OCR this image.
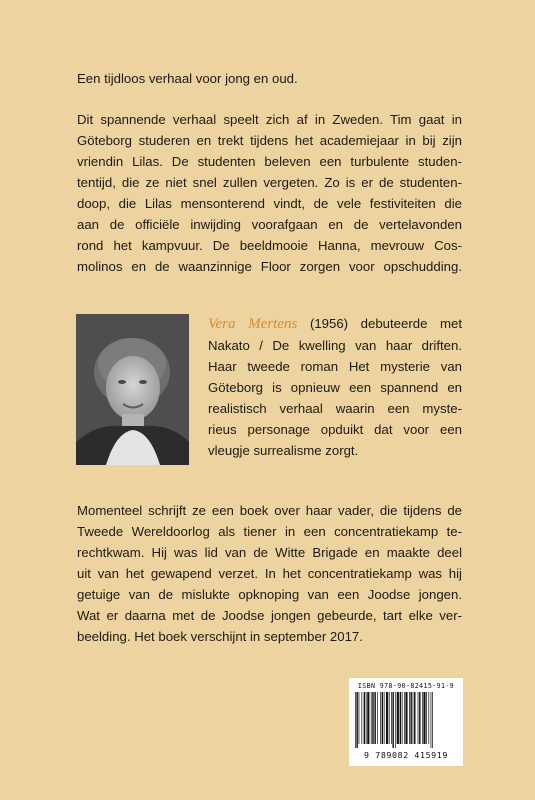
Een tijdloos verhaal voor jong en oud.

Dit spannende verhaal speelt zich af in Zweden. Tim gaat in
Göteborg studeren en trekt tijdens het academiejaar in bij zijn
vriendin Lilas. De studenten beleven een turbulente studen-
tentijd, die ze niet snel zullen vergeten. Zo is er de studenten-
doop, die Lilas mensonterend vindt, de vele festiviteiten die
aan de officiële inwijding voorafgaan en de vertelavonden
rond het kampvuur. De beeldmooie Hanna, mevrouw Cos-
molinos en de waanzinnige Floor zorgen voor opschudding.

Vera Mertens (1956) debuteerde met
Nakato / De kwelling van haar driften.
Haar tweede roman Het mysterie van
Göteborg is opnieuw een spannend en
realistisch verhaal waarin een myste-
rieus personage opduikt dat voor een
vleugje surrealisme zorgt.

Momenteel schrijft ze een boek over haar vader, die tijdens de
Tweede Wereldoorlog als tiener in een concentratiekamp te-
rechtkwam. Hij was lid van de Witte Brigade en maakte deel
uit van het gewapend verzet. In het concentratiekamp was hij
getuige van de mislukte opknoping van een Joodse jongen.
Wat er daarna met de Joodse jongen gebeurde, tart elke ver-
beelding. Het boek verschijnt in september 2017.

ISBN 978-90-82415-91-9
9 789082 415919
